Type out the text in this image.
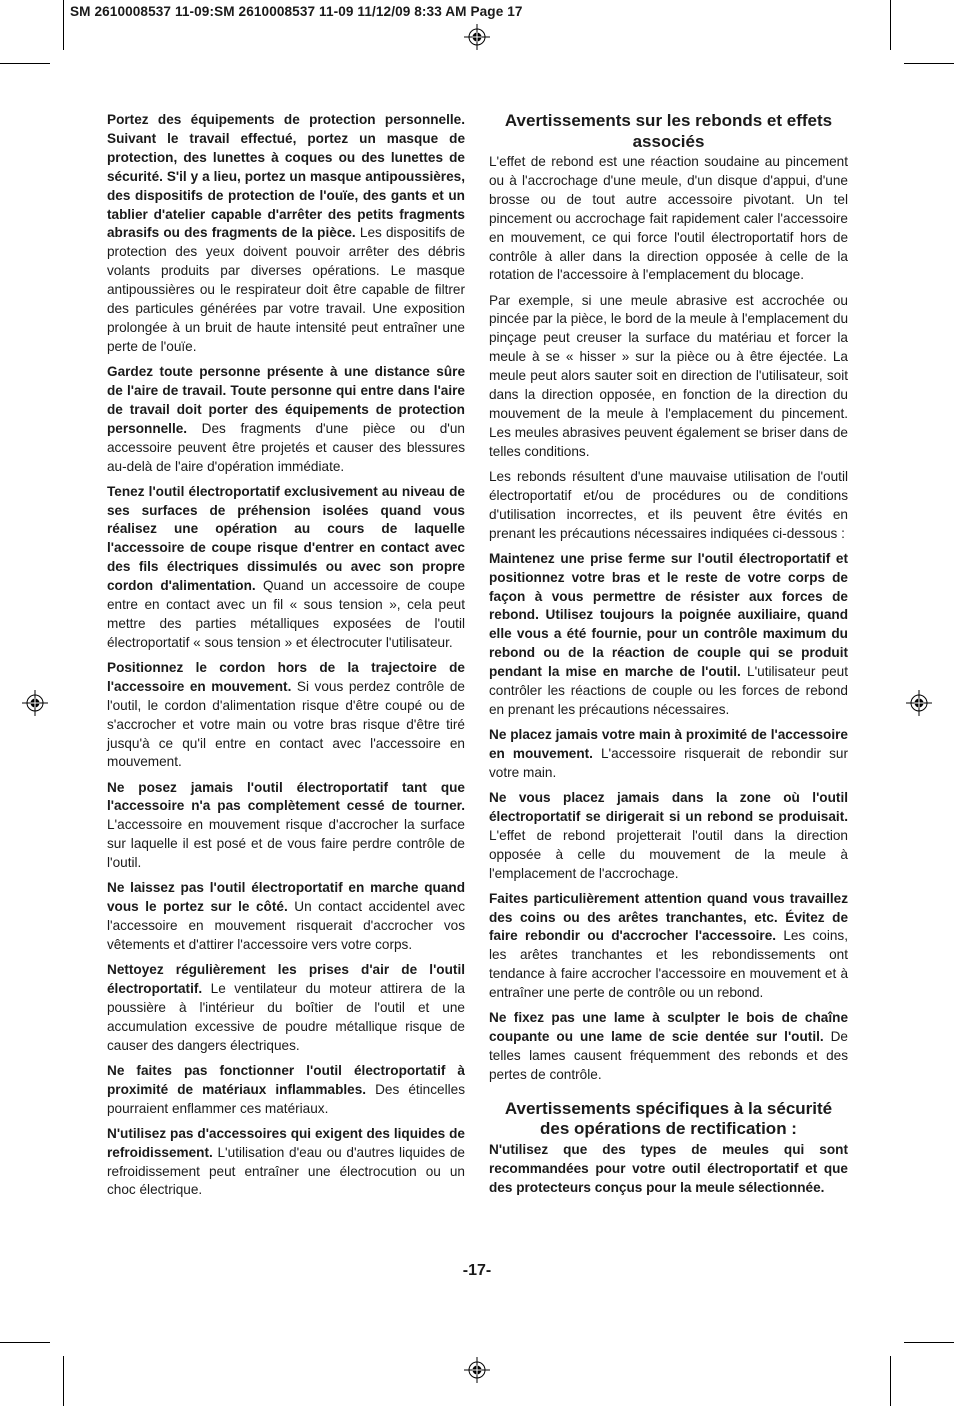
SM 2610008537 11-09:SM 2610008537 11-09 11/12/09 8:33 AM Page 17

Portez des équipements de protection personnelle. Suivant le travail effectué, portez un masque de protection, des lunettes à coques ou des lunettes de sécurité. S'il y a lieu, portez un masque antipoussières, des dispositifs de protection de l'ouïe, des gants et un tablier d'atelier capable d'arrêter des petits fragments abrasifs ou des fragments de la pièce. Les dispositifs de protection des yeux doivent pouvoir arrêter des débris volants produits par diverses opérations. Le masque antipoussières ou le respirateur doit être capable de filtrer des particules générées par votre travail. Une exposition prolongée à un bruit de haute intensité peut entraîner une perte de l'ouïe.

Gardez toute personne présente à une distance sûre de l'aire de travail. Toute personne qui entre dans l'aire de travail doit porter des équipements de protection personnelle. Des fragments d'une pièce ou d'un accessoire peuvent être projetés et causer des blessures au-delà de l'aire d'opération immédiate.

Tenez l'outil électroportatif exclusivement au niveau de ses surfaces de préhension isolées quand vous réalisez une opération au cours de laquelle l'accessoire de coupe risque d'entrer en contact avec des fils électriques dissimulés ou avec son propre cordon d'alimentation. Quand un accessoire de coupe entre en contact avec un fil « sous tension », cela peut mettre des parties métalliques exposées de l'outil électroportatif « sous tension » et électrocuter l'utilisateur.

Positionnez le cordon hors de la trajectoire de l'accessoire en mouvement. Si vous perdez contrôle de l'outil, le cordon d'alimentation risque d'être coupé ou de s'accrocher et votre main ou votre bras risque d'être tiré jusqu'à ce qu'il entre en contact avec l'accessoire en mouvement.

Ne posez jamais l'outil électroportatif tant que l'accessoire n'a pas complètement cessé de tourner. L'accessoire en mouvement risque d'accrocher la surface sur laquelle il est posé et de vous faire perdre contrôle de l'outil.

Ne laissez pas l'outil électroportatif en marche quand vous le portez sur le côté. Un contact accidentel avec l'accessoire en mouvement risquerait d'accrocher vos vêtements et d'attirer l'accessoire vers votre corps.

Nettoyez régulièrement les prises d'air de l'outil électroportatif. Le ventilateur du moteur attirera de la poussière à l'intérieur du boîtier de l'outil et une accumulation excessive de poudre métallique risque de causer des dangers électriques.

Ne faites pas fonctionner l'outil électroportatif à proximité de matériaux inflammables. Des étincelles pourraient enflammer ces matériaux.

N'utilisez pas d'accessoires qui exigent des liquides de refroidissement. L'utilisation d'eau ou d'autres liquides de refroidissement peut entraîner une électrocution ou un choc électrique.

Avertissements sur les rebonds et effets associés

L'effet de rebond est une réaction soudaine au pincement ou à l'accrochage d'une meule, d'un disque d'appui, d'une brosse ou de tout autre accessoire pivotant. Un tel pincement ou accrochage fait rapidement caler l'accessoire en mouvement, ce qui force l'outil électroportatif hors de contrôle à aller dans la direction opposée à celle de la rotation de l'accessoire à l'emplacement du blocage.

Par exemple, si une meule abrasive est accrochée ou pincée par la pièce, le bord de la meule à l'emplacement du pinçage peut creuser la surface du matériau et forcer la meule à se « hisser » sur la pièce ou à être éjectée. La meule peut alors sauter soit en direction de l'utilisateur, soit dans la direction opposée, en fonction de la direction du mouvement de la meule à l'emplacement du pincement. Les meules abrasives peuvent également se briser dans de telles conditions.

Les rebonds résultent d'une mauvaise utilisation de l'outil électroportatif et/ou de procédures ou de conditions d'utilisation incorrectes, et ils peuvent être évités en prenant les précautions nécessaires indiquées ci-dessous :

Maintenez une prise ferme sur l'outil électroportatif et positionnez votre bras et le reste de votre corps de façon à vous permettre de résister aux forces de rebond. Utilisez toujours la poignée auxiliaire, quand elle vous a été fournie, pour un contrôle maximum du rebond ou de la réaction de couple qui se produit pendant la mise en marche de l'outil. L'utilisateur peut contrôler les réactions de couple ou les forces de rebond en prenant les précautions nécessaires.

Ne placez jamais votre main à proximité de l'accessoire en mouvement. L'accessoire risquerait de rebondir sur votre main.

Ne vous placez jamais dans la zone où l'outil électroportatif se dirigerait si un rebond se produisait. L'effet de rebond projetterait l'outil dans la direction opposée à celle du mouvement de la meule à l'emplacement de l'accrochage.

Faites particulièrement attention quand vous travaillez des coins ou des arêtes tranchantes, etc. Évitez de faire rebondir ou d'accrocher l'accessoire. Les coins, les arêtes tranchantes et les rebondissements ont tendance à faire accrocher l'accessoire en mouvement et à entraîner une perte de contrôle ou un rebond.

Ne fixez pas une lame à sculpter le bois de chaîne coupante ou une lame de scie dentée sur l'outil. De telles lames causent fréquemment des rebonds et des pertes de contrôle.

Avertissements spécifiques à la sécurité des opérations de rectification :

N'utilisez que des types de meules qui sont recommandées pour votre outil électroportatif et que des protecteurs conçus pour la meule sélectionnée.

-17-
